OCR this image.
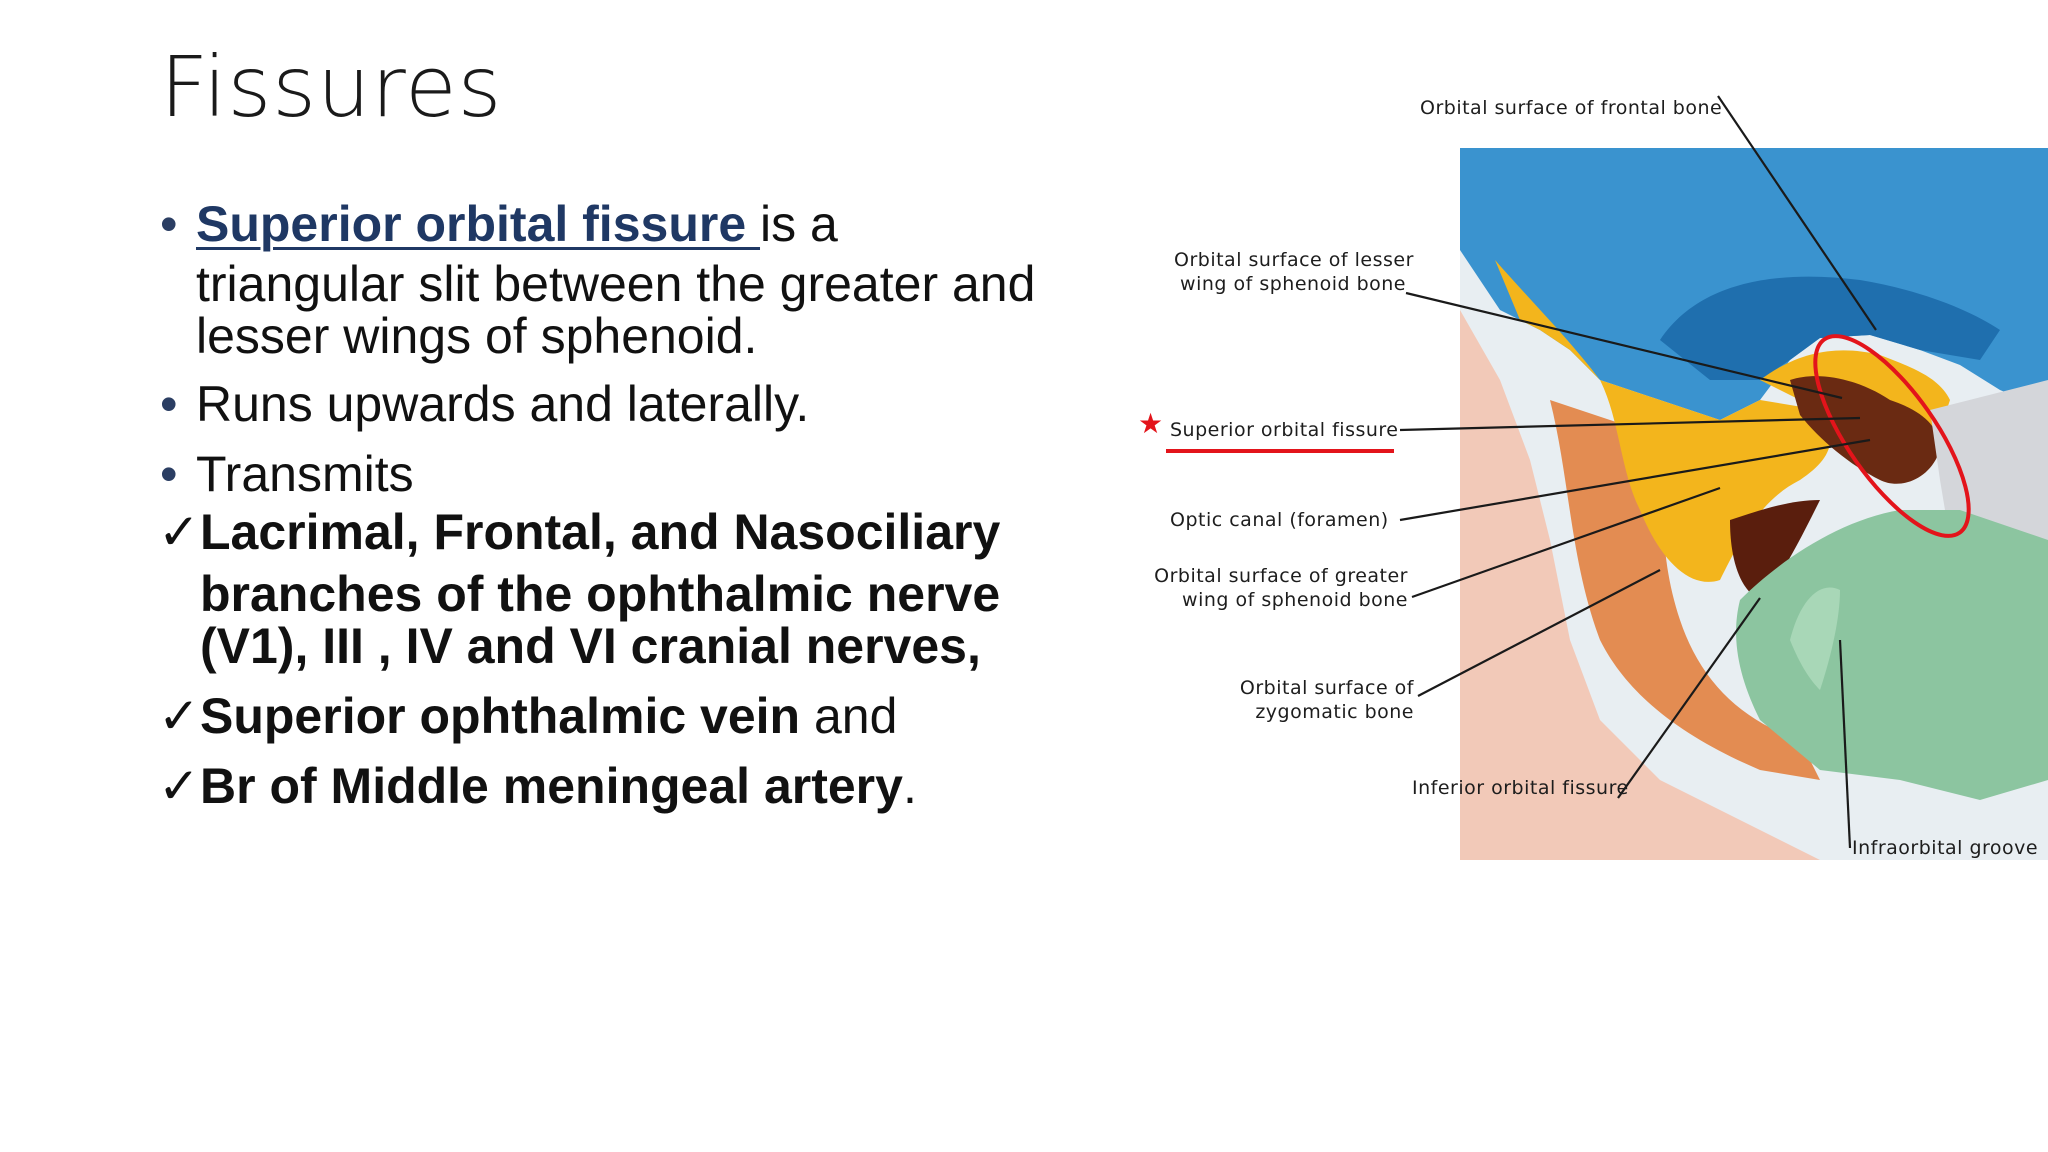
Fissures
• Superior orbital fissure is a
triangular slit between the greater and
lesser wings of sphenoid.
• Runs upwards and laterally.
• Transmits
✓ Lacrimal, Frontal, and Nasociliary
branches of the ophthalmic nerve
(V1), III , IV and VI cranial nerves,
✓ Superior ophthalmic vein and
✓ Br of Middle meningeal artery.
Orbital surface of frontal bone
Orbital surface of lesser
wing of sphenoid bone
★ Superior orbital fissure
Optic canal (foramen)
Orbital surface of greater
wing of sphenoid bone
Orbital surface of
zygomatic bone
Inferior orbital fissure
Infraorbital groove
